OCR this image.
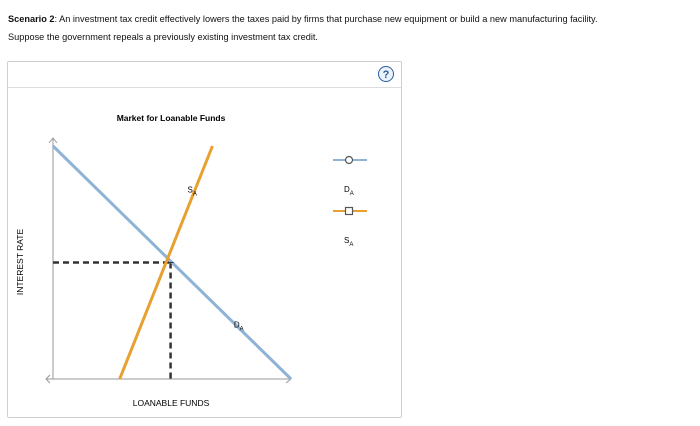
Scenario 2: An investment tax credit effectively lowers the taxes paid by firms that purchase new equipment or build a new manufacturing facility.
Suppose the government repeals a previously existing investment tax credit.
?
Market for Loanable Funds
INTEREST RATE
LOANABLE FUNDS
$D_A$
$S_A$
$D_A$
$S_A$
